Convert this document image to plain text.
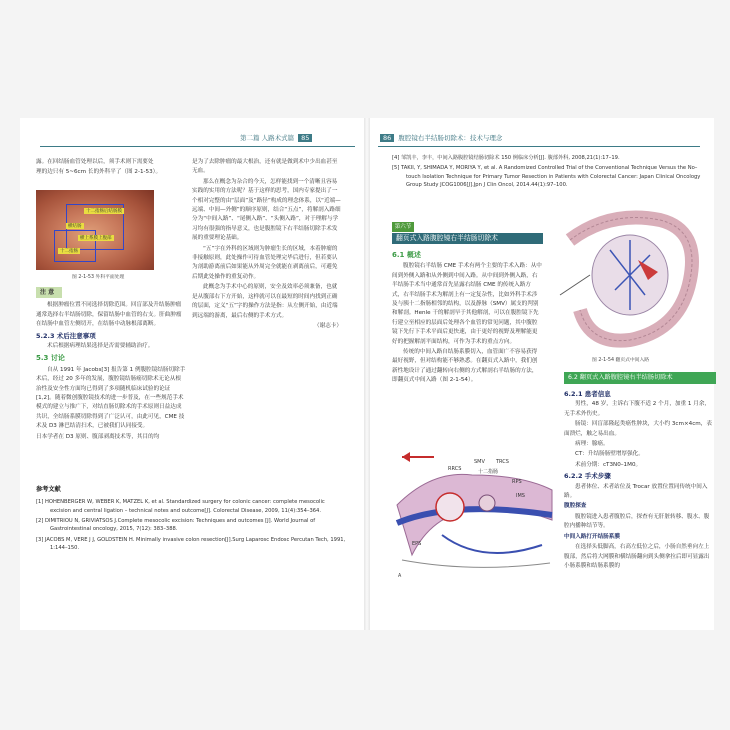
第二篇 人路术式篇 85	86 腹腔镜右半结肠切除术：技术与理念

露。在回结肠血管处理以后，须手术则下需要处

理的边只有 5~6cm 长的外科平了（图 2-1-53）。

十二指肠后结肠膜
横结肠
横上系膜上腹部
十二指肠
图 2-1-53 外科平面处理
注 意

根据肿瘤位置不同选择切除范围。回盲部及升结肠肿瘤通常选择右半结肠切除，保留结肠中血管的右支。肝曲肿瘤在结肠中血管左侧切开，在结肠中动脉根部离断。

5.2.3 术后注意事项

术后根据病理结果选择是否需要辅助治疗。

5.3 讨论

自从 1991 年 Jacobs[3] 报告第 1 例腹腔镜结肠切除手术后，经过 20 多年的发展，腹腔镜结肠癌切除术无论从根治性及安全性方面均已得到了多项随机临床试验的论证[1,2]。随着微创腹腔镜技术的进一步普及，在一些规范手术模式的建立与推广下，对结直肠切除术的手术原则日益达成共识，全结肠系膜切除得到了广泛认可，由此可见，CME 技术及 D3 淋巴结清扫术，已被我们认同接受。

日本学者在 D3 原则、腹部剥离技术等，其目的均

是为了去除肿瘤的最大根治，还有就是做到术中少出血甚至无血。

那么在概念为杂合的今天，怎样能找到一个清晰且容易实践的实用的方法呢？基于这样的思考，国内专家提出了一个相对完整的由“层面”及“路径”构成的理念体系，以“近端—远端、中间—外侧”的顺序原则，结合“五点”，将解剖入路细分为“中间入路”、“尾侧入路”、“头侧入路”，对于理解与学习均有很强的指导意义，也是腹腔镜下右半结肠切除手术发展的重要理论基础。

“五”字在外科的区域则为肿瘤生长的区域，本着肿瘤的非接触原则，此处操作可待血管处理完毕后进行，但若要认为剖助游离前后如果能从外周完全就能在剥离前后，可避免后期此处操作的重复动作。

此概念为手术中心的原则，安全及效率必须兼备，也就是从腹部右下方开始，这样就可以在最短的时间内找到正确的层面，定义“五”字的操作方法是指：从左侧开始，由近端到远端的游离，最后右侧的手术方式。

（谢志卡）

参考文献
[1] HOHENBERGER W, WEBER K, MATZEL K, et al. Standardized surgery for colonic cancer: complete mesocolic excision and central ligation – technical notes and outcome[J]. Colorectal Disease, 2009, 11(4):354–364.
[2] DIMITRIOU N, GRIVIATSOS J.Complete mesocolic excision: Techniques and outcomes [J]. World Journal of Gastrointestinal oncology, 2015, 7(12): 383–388.
[3] JACOBS M, VERE J J, GOLDSTEIN H. Minimally invasive colon resection[J].Surg Laparosc Endosc Percutan Tech, 1991, 1:144–150.
[4] 邹凯丰，李丰，中间入路腹腔镜结肠切除术 150 例临床分析[J]. 腹部外科, 2008,21(1):17–19.
[5] TAKII, Y, SHIMADA Y, MORIYA Y, et al. A Randomized Controlled Trial of the Conventional Technique Versus the No–touch Isolation Technique for Primary Tumor Resection in Patients with Colorectal Cancer: Japan Clinical Oncology Group Study JCOG1006[J].Jpn J Clin Oncol, 2014.44(1):97–100.
第六节
翻页式入路腹腔镜右半结肠切除术
6.1 概述

腹腔镜右半结肠 CME 手术有两个主要的手术入路：从中间到外侧入路和从外侧到中间入路。从中间到外侧入路，右半结肠手术当中通常首先显露右结肠 CME 的传统入路方式，右半结肠手术为解剖上有一定复杂性，比如外科手术涉及与胰十二指肠相邻的结构，以及静脉（SMV）属支的判别和解剖。Henle 干的解剖早于其他解剖，可以在腹腔镜下先行建立至相应的层面后处理各个血管的常见问题，其中腹腔镜下先行下手术平面后更快速，由于更好的视野及理解能更好的把握解剖平面结构，可作为手术的重点方向。

传统的中间入路自结肠系膜切入，血管面广不容易获得最好视野，但对结构能不够熟悉。在翻页式入路中，我们创新性地设计了通过翻转向右侧的方式解剖右半结肠的方法，即翻页式中间入路（图 2-1-54）。

图 2-1-54 翻页式中间入路
6.2 翻页式入路腹腔镜右半结肠切除术
6.2.1 患者信息

男性，48 岁，主诉右下腹不适 2 个月，加重 1 月余，无手术外伤史。

肠镜：回盲部隆起类癌性肿块，大小约 3cm×4cm，表面溃烂，触之易出血。

病理：腺癌。

CT：升结肠肠壁增厚强化。

术前分期：cT3N0–1M0。

6.2.2 手术步骤

患者体位、术者站位及 Trocar 放置位置同传统中间入路。

腹腔探查

腹腔镜进入患者腹腔后，探查有无肝脏转移、腹水、腹腔内播种结节等。

中间入路打开结肠系膜

在选择头低脚高，右高左低位之后，小肠自然垂向左上腹部，然后将大网膜和横结肠翻向到头侧拿拉后即可显露出小肠系膜和结肠系膜的

TRCS
SMV
RRCS	十二指肠
RPS
IMS
EPS
A
